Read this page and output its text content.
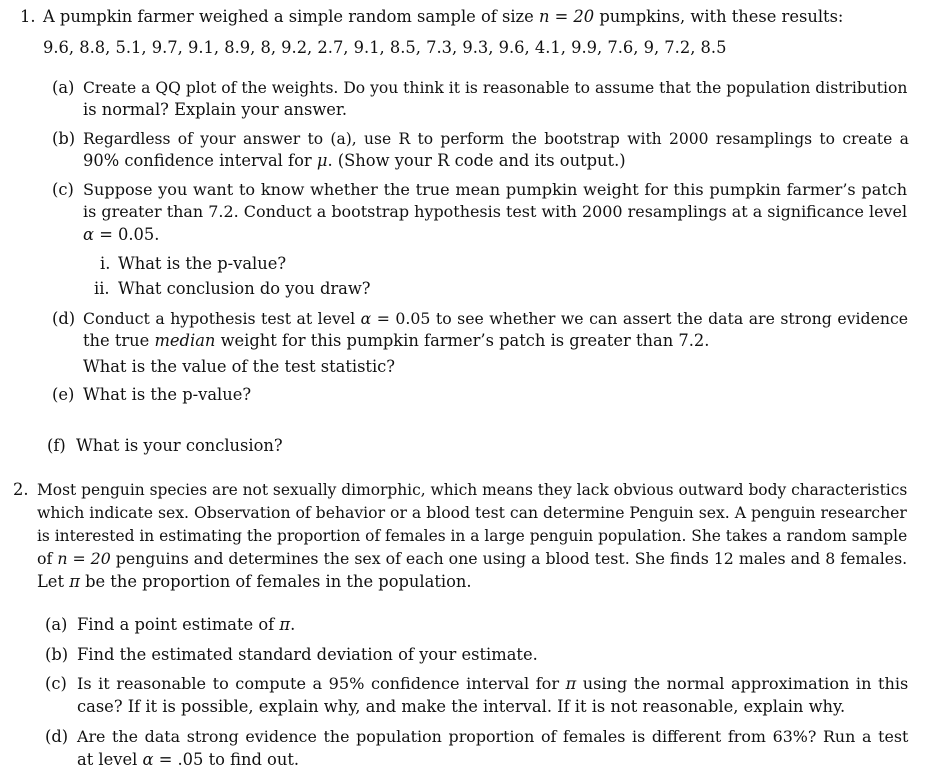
1. A pumpkin farmer weighed a simple random sample of size n = 20 pumpkins, with these results:
9.6, 8.8, 5.1, 9.7, 9.1, 8.9, 8, 9.2, 2.7, 9.1, 8.5, 7.3, 9.3, 9.6, 4.1, 9.9, 7.6, 9, 7.2, 8.5
(a) Create a QQ plot of the weights. Do you think it is reasonable to assume that the population distribution
is normal? Explain your answer.
(b) Regardless of your answer to (a), use R to perform the bootstrap with 2000 resamplings to create a
90% confidence interval for μ. (Show your R code and its output.)
(c) Suppose you want to know whether the true mean pumpkin weight for this pumpkin farmer’s patch
is greater than 7.2. Conduct a bootstrap hypothesis test with 2000 resamplings at a significance level
α = 0.05.
i. What is the p-value?
ii. What conclusion do you draw?
(d) Conduct a hypothesis test at level α = 0.05 to see whether we can assert the data are strong evidence
the true median weight for this pumpkin farmer’s patch is greater than 7.2.
What is the value of the test statistic?
(e) What is the p-value?
(f) What is your conclusion?
2. Most penguin species are not sexually dimorphic, which means they lack obvious outward body characteristics
which indicate sex. Observation of behavior or a blood test can determine Penguin sex. A penguin researcher
is interested in estimating the proportion of females in a large penguin population. She takes a random sample
of n = 20 penguins and determines the sex of each one using a blood test. She finds 12 males and 8 females.
Let π be the proportion of females in the population.
(a) Find a point estimate of π.
(b) Find the estimated standard deviation of your estimate.
(c) Is it reasonable to compute a 95% confidence interval for π using the normal approximation in this
case? If it is possible, explain why, and make the interval. If it is not reasonable, explain why.
(d) Are the data strong evidence the population proportion of females is different from 63%? Run a test
at level α = .05 to find out.
